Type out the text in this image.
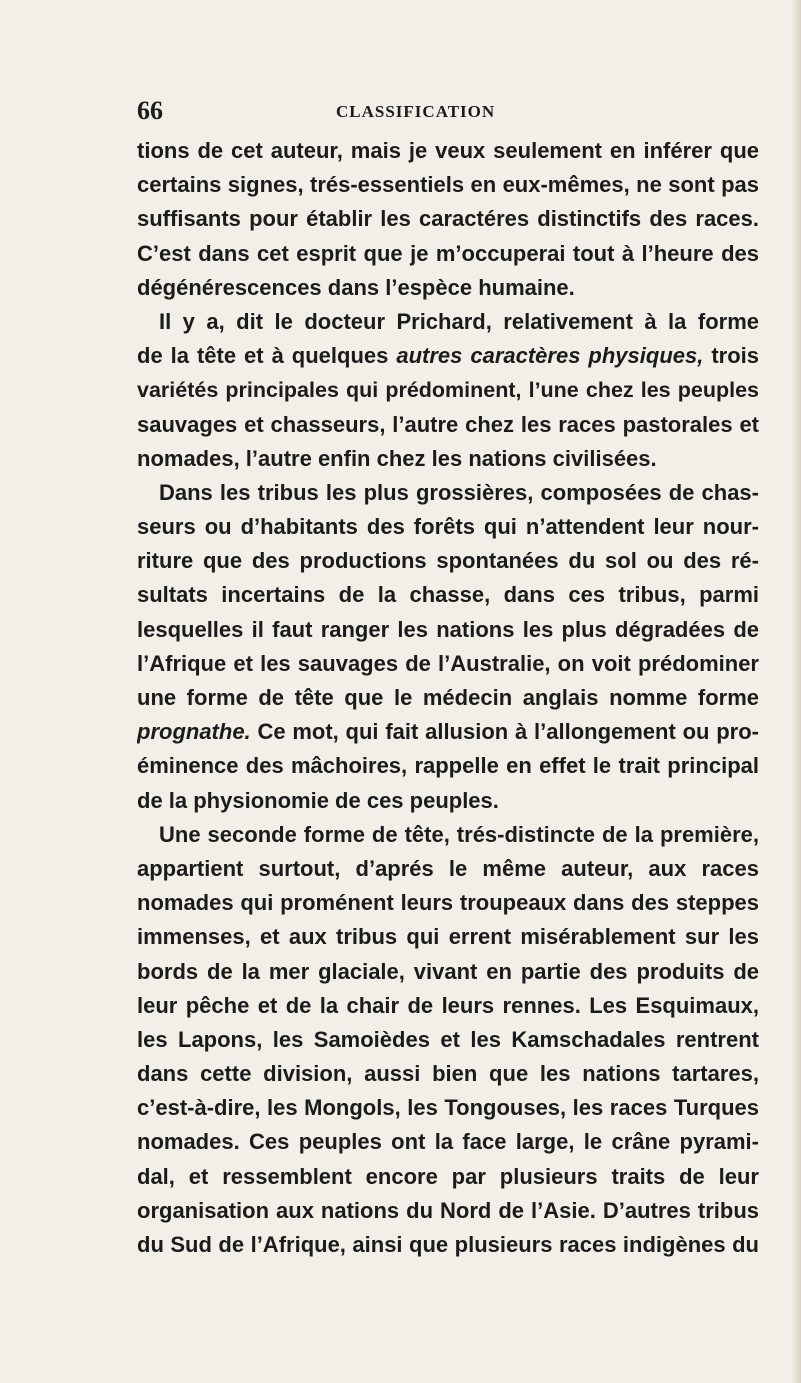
66	CLASSIFICATION
tions de cet auteur, mais je veux seulement en inférer que
certains signes, trés-essentiels en eux-mêmes, ne sont pas
suffisants pour établir les caractéres distinctifs des races.
C’est dans cet esprit que je m’occuperai tout à l’heure des
dégénérescences dans l’espèce humaine.
Il y a, dit le docteur Prichard, relativement à la forme
de la tête et à quelques autres caractères physiques, trois
variétés principales qui prédominent, l’une chez les peuples
sauvages et chasseurs, l’autre chez les races pastorales et
nomades, l’autre enfin chez les nations civilisées.
Dans les tribus les plus grossières, composées de chas-
seurs ou d’habitants des forêts qui n’attendent leur nour-
riture que des productions spontanées du sol ou des ré-
sultats incertains de la chasse, dans ces tribus, parmi
lesquelles il faut ranger les nations les plus dégradées de
l’Afrique et les sauvages de l’Australie, on voit prédominer
une forme de tête que le médecin anglais nomme forme
prognathe. Ce mot, qui fait allusion à l’allongement ou pro-
éminence des mâchoires, rappelle en effet le trait principal
de la physionomie de ces peuples.
Une seconde forme de tête, trés-distincte de la première,
appartient surtout, d’aprés le même auteur, aux races
nomades qui proménent leurs troupeaux dans des steppes
immenses, et aux tribus qui errent misérablement sur les
bords de la mer glaciale, vivant en partie des produits de
leur pêche et de la chair de leurs rennes. Les Esquimaux,
les Lapons, les Samoièdes et les Kamschadales rentrent
dans cette division, aussi bien que les nations tartares,
c’est-à-dire, les Mongols, les Tongouses, les races Turques
nomades. Ces peuples ont la face large, le crâne pyrami-
dal, et ressemblent encore par plusieurs traits de leur
organisation aux nations du Nord de l’Asie. D’autres tribus
du Sud de l’Afrique, ainsi que plusieurs races indigènes du
